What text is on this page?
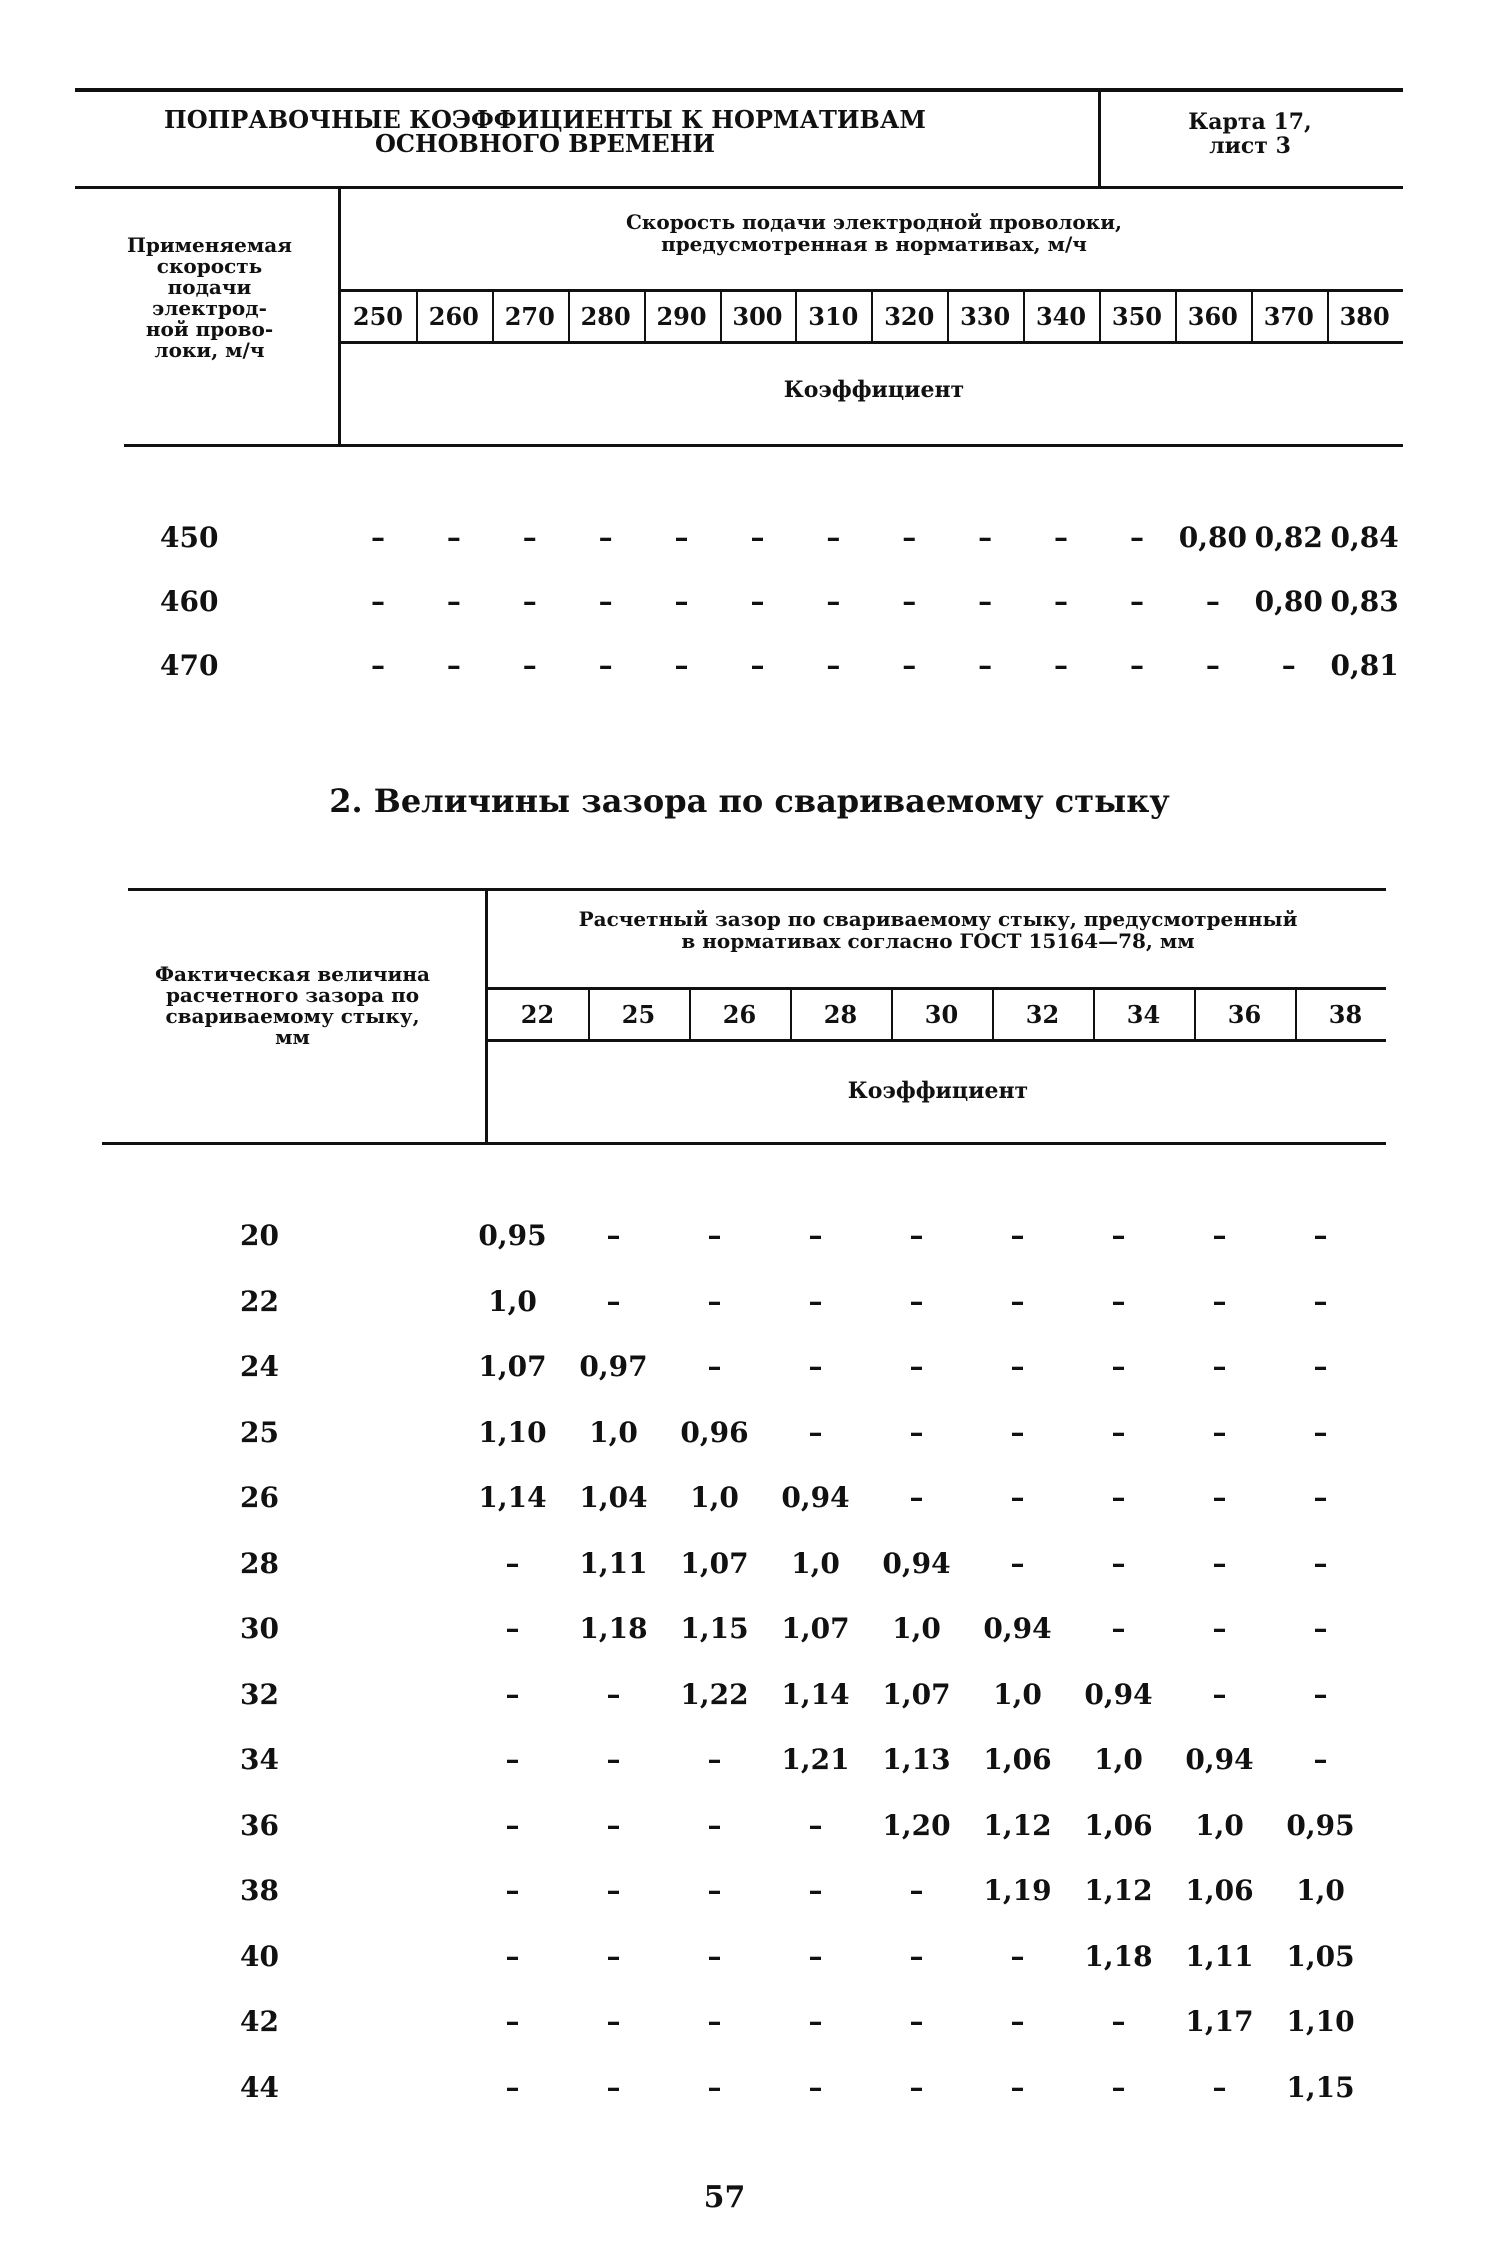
ПОПРАВОЧНЫЕ КОЭФФИЦИЕНТЫ К НОРМАТИВАМ
ОСНОВНОГО ВРЕМЕНИ
Карта 17,
лист 3
Применяемая
скорость
подачи
электрод-
ной прово-
локи, м/ч
Скорость подачи электродной проволоки,
предусмотренная в нормативах, м/ч
250	260	270	280	290	300	310	320	330	340	350	360	370	380
Коэффициент
450	–	–	–	–	–	–	–	–	–	–	–	0,80 0,82 0,84
460	–	–	–	–	–	–	–	–	–	–	–	–	0,80 0,83
470	–	–	–	–	–	–	–	–	–	–	–	–	–	0,81
2. Величины зазора по свариваемому стыку
Фактическая величина
расчетного зазора по
свариваемому стыку,
мм
Расчетный зазор по свариваемому стыку, предусмотренный
в нормативах согласно ГОСТ 15164—78, мм
22	25	26	28	30	32	34	36	38
Коэффициент
20	0,95	–	–	–	–	–	–	–	–
22	1,0	–	–	–	–	–	–	–	–
24	1,07	0,97	–	–	–	–	–	–	–
25	1,10	1,0	0,96	–	–	–	–	–	–
26	1,14	1,04	1,0	0,94	–	–	–	–	–
28	–	1,11	1,07	1,0	0,94	–	–	–	–
30	–	1,18	1,15	1,07	1,0	0,94	–	–	–
32	–	–	1,22	1,14	1,07	1,0	0,94	–	–
34	–	–	–	1,21	1,13	1,06	1,0	0,94	–
36	–	–	–	–	1,20	1,12	1,06	1,0	0,95
38	–	–	–	–	–	1,19	1,12	1,06	1,0
40	–	–	–	–	–	–	1,18	1,11	1,05
42	–	–	–	–	–	–	–	1,17	1,10
44	–	–	–	–	–	–	–	–	1,15
57
